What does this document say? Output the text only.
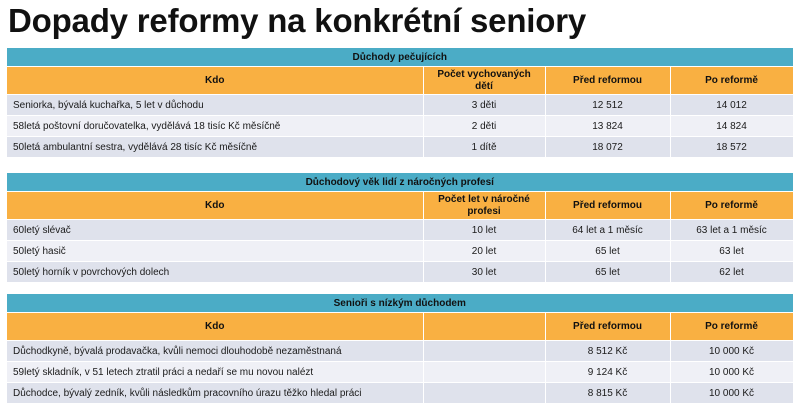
Dopady reformy na konkrétní seniory
Důchody pečujících			
Kdo	Počet vychovaných dětí	Před reformou	Po reformě
Seniorka, bývalá kuchařka, 5 let v důchodu	3 děti	12 512	14 012
58letá poštovní doručovatelka, vydělává 18 tisíc Kč měsíčně	2 děti	13 824	14 824
50letá ambulantní sestra, vydělává 28 tisíc Kč měsíčně	1 dítě	18 072	18 572
Důchodový věk lidí z náročných profesí			
Kdo	Počet let v náročné profesi	Před reformou	Po reformě
60letý slévač	10 let	64 let a 1 měsíc	63 let a 1 měsíc
50letý hasič	20 let	65 let	63 let
50letý horník v povrchových dolech	30 let	65 let	62 let
Senioři s nízkým důchodem			
Kdo		Před reformou	Po reformě
Důchodkyně, bývalá prodavačka, kvůli nemoci dlouhodobě nezaměstnaná		8 512 Kč	10 000 Kč
59letý skladník, v 51 letech ztratil práci a nedaří se mu novou nalézt		9 124 Kč	10 000 Kč
Důchodce, bývalý zedník, kvůli následkům pracovního úrazu těžko hledal práci		8 815 Kč	10 000 Kč
